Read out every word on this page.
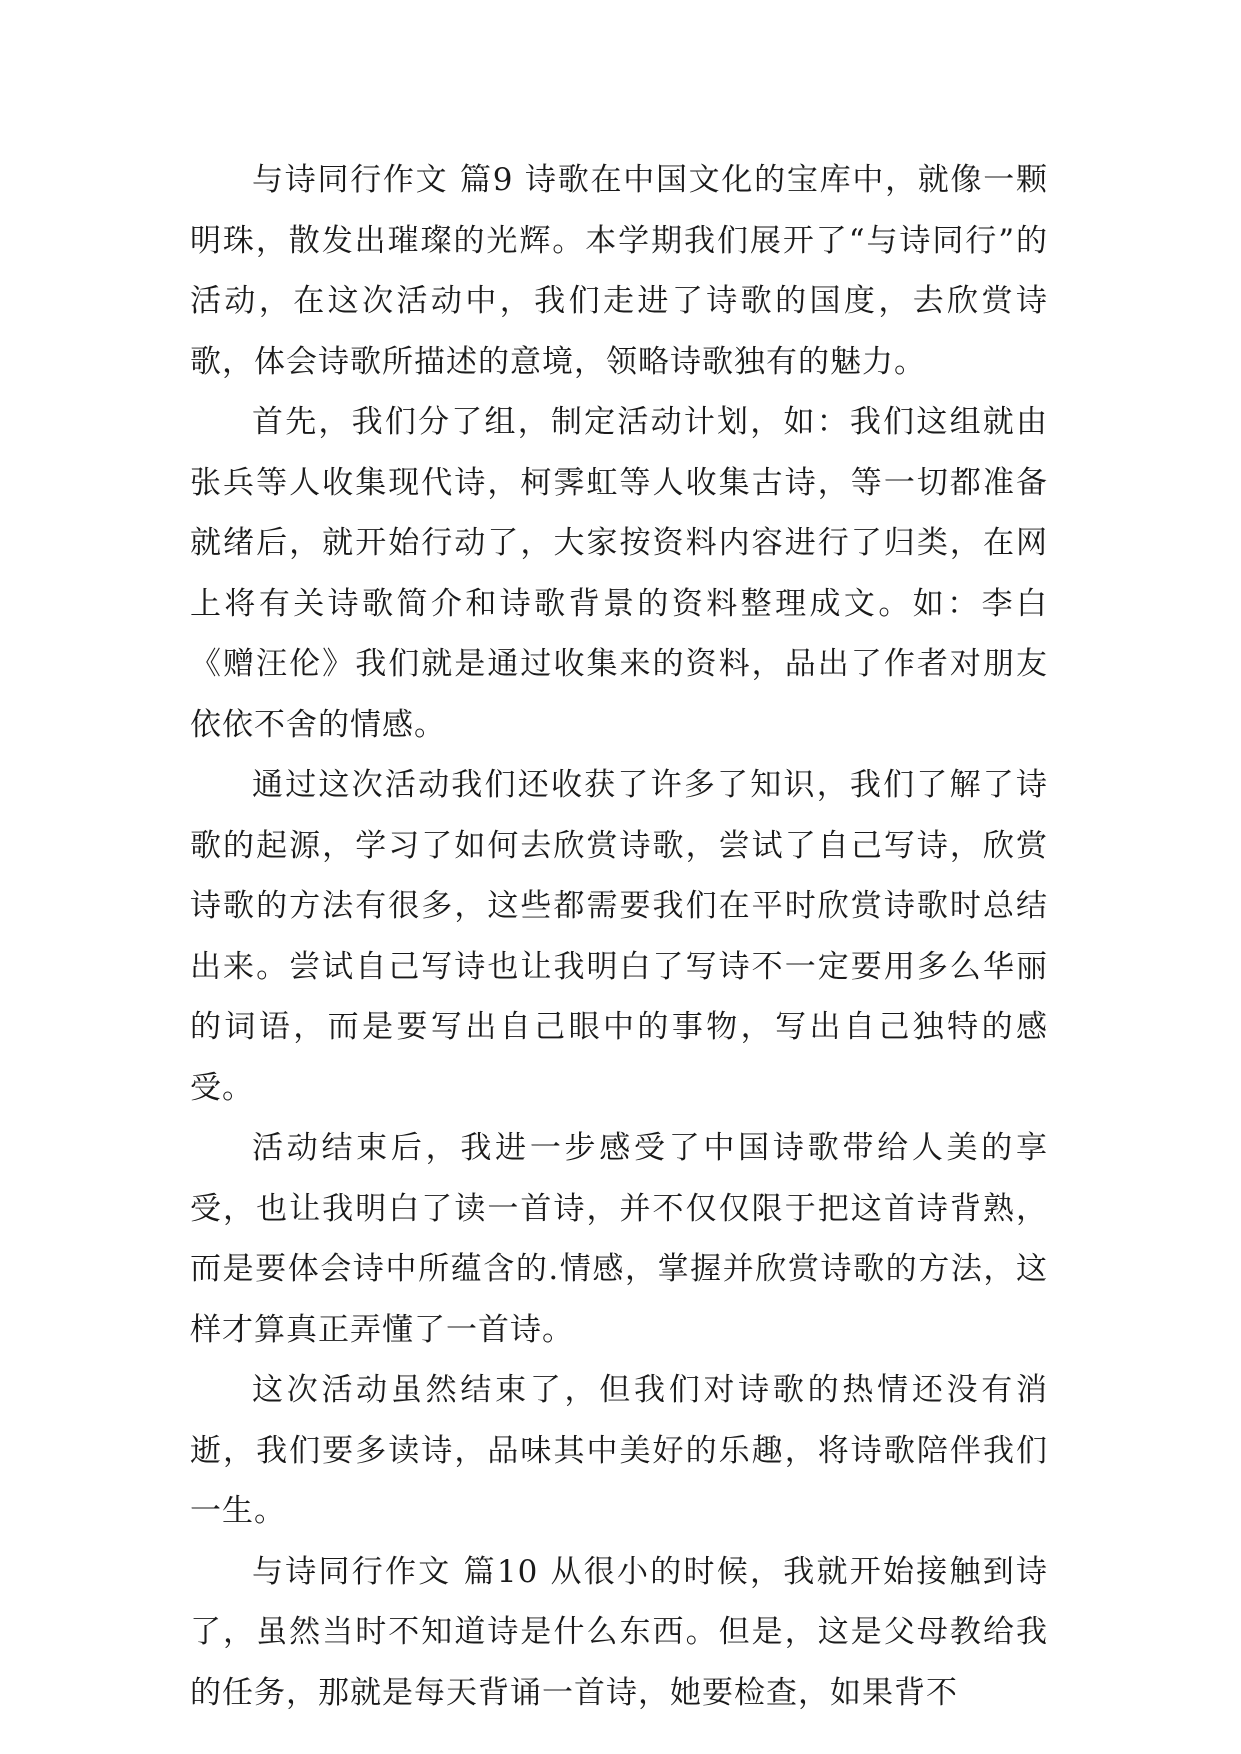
与诗同行作文 篇9 诗歌在中国文化的宝库中，就像一颗明珠，散发出璀璨的光辉。本学期我们展开了“与诗同行”的活动，在这次活动中，我们走进了诗歌的国度，去欣赏诗歌，体会诗歌所描述的意境，领略诗歌独有的魅力。

首先，我们分了组，制定活动计划，如：我们这组就由张兵等人收集现代诗，柯霁虹等人收集古诗，等一切都准备就绪后，就开始行动了，大家按资料内容进行了归类，在网上将有关诗歌简介和诗歌背景的资料整理成文。如：李白《赠汪伦》我们就是通过收集来的资料，品出了作者对朋友依依不舍的情感。

通过这次活动我们还收获了许多了知识，我们了解了诗歌的起源，学习了如何去欣赏诗歌，尝试了自己写诗，欣赏诗歌的方法有很多，这些都需要我们在平时欣赏诗歌时总结出来。尝试自己写诗也让我明白了写诗不一定要用多么华丽的词语，而是要写出自己眼中的事物，写出自己独特的感受。

活动结束后，我进一步感受了中国诗歌带给人美的享受，也让我明白了读一首诗，并不仅仅限于把这首诗背熟，而是要体会诗中所蕴含的.情感，掌握并欣赏诗歌的方法，这样才算真正弄懂了一首诗。

这次活动虽然结束了，但我们对诗歌的热情还没有消逝，我们要多读诗，品味其中美好的乐趣，将诗歌陪伴我们一生。

与诗同行作文 篇10 从很小的时候，我就开始接触到诗了，虽然当时不知道诗是什么东西。但是，这是父母教给我的任务，那就是每天背诵一首诗，她要检查，如果背不
